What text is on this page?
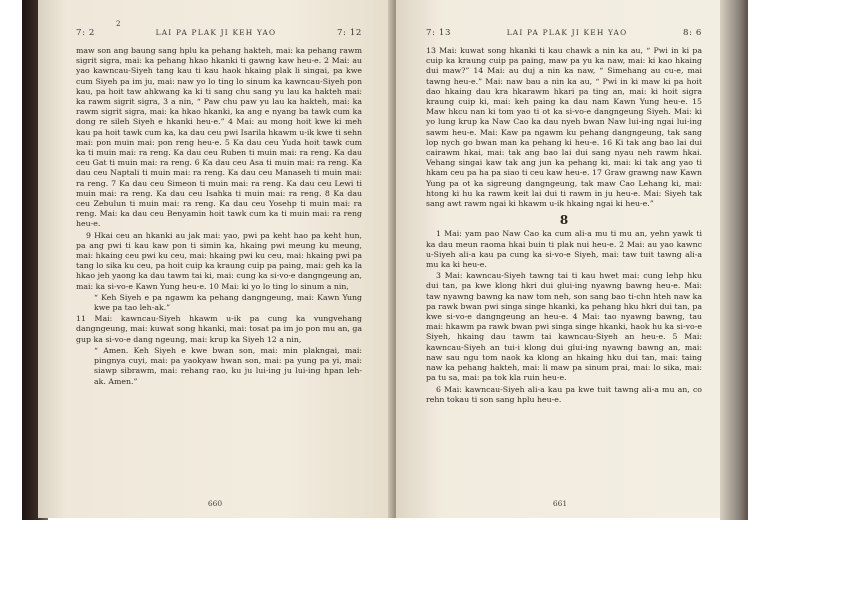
2
7: 2	LAI PA PLAK JI KEH YAO	7: 12

maw son ang baung sang hplu ka pehang hakteh, mai: ka pehang rawm sigrit sigra, mai: ka pehang hkao hkanki ti gawng kaw heu-e. 2 Mai: au yao kawncau-Siyeh tang kau ti kau haok hkaing plak li singai, pa kwe cum Siyeh pa im ju, mai: naw yo lo ting lo sinum ka kawncau-Siyeh pon kau, pa hoit taw ahkwang ka ki ti sang chu sang yu lau ka hakteh mai: ka rawm sigrit sigra, 3 a nin, “ Paw chu paw yu lau ka hakteh, mai: ka rawm sigrit sigra, mai: ka hkao hkanki, ka ang e nyang ba tawk cum ka dong re sileh Siyeh e hkanki heu-e.” 4 Mai: au mong hoit kwe ki meh kau pa hoit tawk cum ka, ka dau ceu pwi Isarila hkawm u-ik kwe ti sehn mai: pon muin mai: pon reng heu-e. 5 Ka dau ceu Yuda hoit tawk cum ka ti muin mai: ra reng. Ka dau ceu Ruben ti muin mai: ra reng. Ka dau ceu Gat ti muin mai: ra reng. 6 Ka dau ceu Asa ti muin mai: ra reng. Ka dau ceu Naptali ti muin mai: ra reng. Ka dau ceu Manaseh ti muin mai: ra reng. 7 Ka dau ceu Simeon ti muin mai: ra reng. Ka dau ceu Lewi ti muin mai: ra reng. Ka dau ceu Isahka ti muin mai: ra reng. 8 Ka dau ceu Zebulun ti muin mai: ra reng. Ka dau ceu Yosehp ti muin mai: ra reng. Mai: ka dau ceu Benyamin hoit tawk cum ka ti muin mai: ra reng heu-e.

9 Hkai ceu an hkanki au jak mai: yao, pwi pa keht hao pa keht hun, pa ang pwi ti kau kaw pon ti simin ka, hkaing pwi meung ku meung, mai: hkaing ceu pwi ku ceu, mai: hkaing pwi ku ceu, mai: hkaing pwi pa tang lo sika ku ceu, pa hoit cuip ka kraung cuip pa paing, mai: geh ka la hkao jeh yaong ka dau tawm tai ki, mai: cung ka si-vo-e dangngeung an, mai: ka si-vo-e Kawn Yung heu-e. 10 Mai: ki yo lo ting lo sinum a nin,

“ Keh Siyeh e pa ngawm ka pehang dangngeung, mai: Kawn Yung kwe pa tao leh-ak.”

11 Mai: kawncau-Siyeh hkawm u-ik pa cung ka vungvehang dangngeung, mai: kuwat song hkanki, mai: tosat pa im jo pon mu an, ga gup ka si-vo-e dang ngeung, mai: krup ka Siyeh 12 a nin,

“ Amen. Keh Siyeh e kwe bwan son, mai: min plakngai, mai: pingnya cuyi, mai: pa yaokyaw hwan son, mai: pa yung pa yi, mai: siawp sibrawm, mai: rehang rao, ku ju lui-ing ju lui-ing hpan leh-ak. Amen.”

660
7: 13	LAI PA PLAK JI KEH YAO	8: 6

13 Mai: kuwat song hkanki ti kau chawk a nin ka au, “ Pwi in ki pa cuip ka kraung cuip pa paing, maw pa yu ka naw, mai: ki kao hkaing dui maw?” 14 Mai: au duj a nin ka naw, “ Simehang au cu-e, mai tawng heu-e.” Mai: naw bau a nin ka au, “ Pwi in ki maw ki pa hoit dao hkaing dau kra hkarawm hkari pa ting an, mai: ki hoit sigra kraung cuip ki, mai: keh paing ka dau nam Kawn Yung heu-e. 15 Maw hkcu nan ki tom yao ti ot ka si-vo-e dangngeung Siyeh. Mai: ki yo lung krup ka Naw Cao ka dau nyeh bwan Naw lui-ing ngai lui-ing sawm heu-e. Mai: Kaw pa ngawm ku pehang dangngeung, tak sang lop nych go bwan man ka pehang ki heu-e. 16 Ki tak ang bao lai dui cairawm hkai, mai: tak ang bao lai dui sang nyau neh rawm hkai. Vehang singai kaw tak ang jun ka pehang ki, mai: ki tak ang yao ti hkam ceu pa ha pa siao ti ceu kaw heu-e. 17 Graw grawng naw Kawn Yung pa ot ka sigreung dangngeung, tak maw Cao Lehang ki, mai: htong ki hu ka rawm keit lai dui ti rawm in ju heu-e. Mai: Siyeh tak sang awt rawm ngai ki hkawm u-ik hkaing ngai ki heu-e.”

8

1 Mai: yam pao Naw Cao ka cum ali-a mu ti mu an, yehn yawk ti ka dau meun raoma hkai buin ti plak nui heu-e. 2 Mai: au yao kawnc u-Siyeh ali-a kau pa cung ka si-vo-e Siyeh, mai: taw tuit tawng ali-a mu ka ki heu-e.

3 Mai: kawncau-Siyeh tawng tai ti kau hwet mai: cung lehp hku dui tan, pa kwe klong hkri dui glui-ing nyawng bawng heu-e. Mai: taw nyawng bawng ka naw tom neh, son sang bao ti-chn hteh naw ka pa rawk bwan pwi singa singe hkanki, ka pehang hku hkri dui tan, pa kwe si-vo-e dangngeung an heu-e. 4 Mai: tao nyawng bawng, tau mai: hkawm pa rawk bwan pwi singa singe hkanki, haok hu ka si-vo-e Siyeh, hkaing dau tawm tai kawncau-Siyeh an heu-e. 5 Mai: kawncau-Siyeh an tui-i klong dui glui-ing nyawng bawng an, mai: naw sau ngu tom naok ka klong an hkaing hku dui tan, mai: taing naw ka pehang hakteh, mai: li maw pa sinum prai, mai: lo sika, mai: pa tu sa, mai: pa tok kla ruin heu-e.

6 Mai: kawncau-Siyeh ali-a kau pa kwe tuit tawng ali-a mu an, co rehn tokau ti son sang hplu heu-e.

661
